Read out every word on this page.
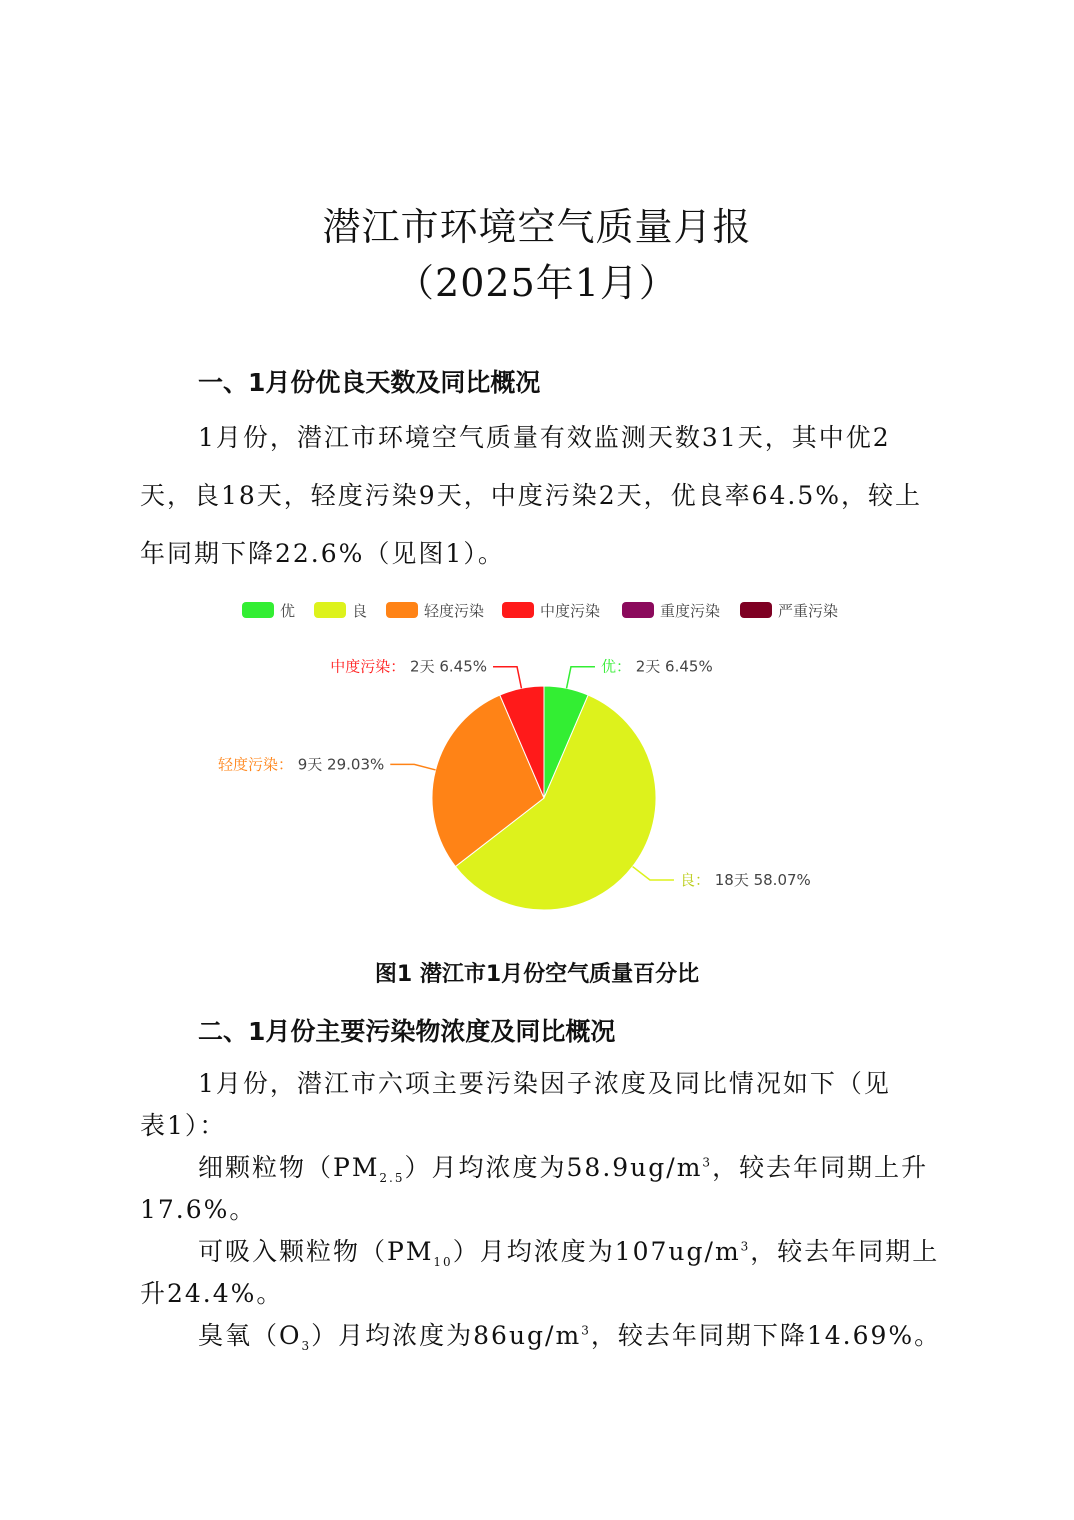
潜江市环境空气质量月报
（2025年1月）
一、1月份优良天数及同比概况
1月份，潜江市环境空气质量有效监测天数31天，其中优2天，良18天，轻度污染9天，中度污染2天，优良率64.5%，较上年同期下降22.6%（见图1）。
优	良	轻度污染	中度污染	重度污染	严重污染
优： 2天 6.45%
良： 18天 58.07%
轻度污染： 9天 29.03%
中度污染： 2天 6.45%
图1 潜江市1月份空气质量百分比
二、1月份主要污染物浓度及同比概况
1月份，潜江市六项主要污染因子浓度及同比情况如下（见
表1）：
细颗粒物$(PM_{2.5})$月均浓度为$58.9ug/m^3$，较去年同期上升
17.6%。
可吸入颗粒物$(PM_{10})$月均浓度为$107ug/m^3$，较去年同期上
升24.4%。
臭氧$(O_3)$月均浓度为$86ug/m^3$，较去年同期下降14.69%。
